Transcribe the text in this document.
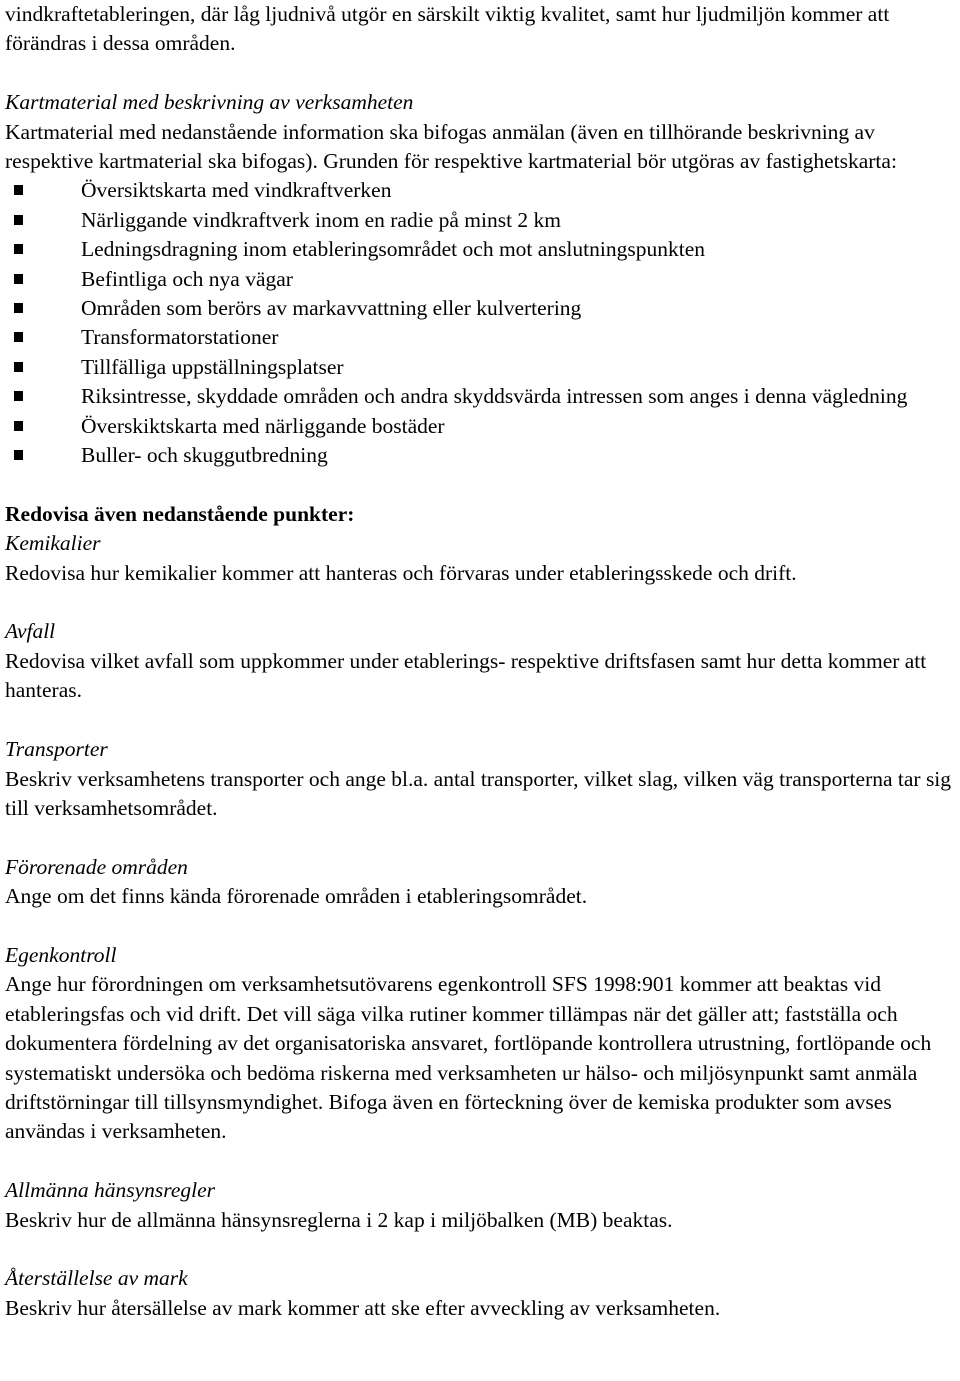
vindkraftetableringen, där låg ljudnivå utgör en särskilt viktig kvalitet, samt hur ljudmiljön kommer att förändras i dessa områden.

Kartmaterial med beskrivning av verksamheten

Kartmaterial med nedanstående information ska bifogas anmälan (även en tillhörande beskrivning av respektive kartmaterial ska bifogas). Grunden för respektive kartmaterial bör utgöras av fastighetskarta:

Översiktskarta med vindkraftverken
Närliggande vindkraftverk inom en radie på minst 2 km
Ledningsdragning inom etableringsområdet och mot anslutningspunkten
Befintliga och nya vägar
Områden som berörs av markavvattning eller kulvertering
Transformatorstationer
Tillfälliga uppställningsplatser
Riksintresse, skyddade områden och andra skyddsvärda intressen som anges i denna vägledning
Överskiktskarta med närliggande bostäder
Buller- och skuggutbredning

Redovisa även nedanstående punkter:

Kemikalier

Redovisa hur kemikalier kommer att hanteras och förvaras under etableringsskede och drift.

Avfall

Redovisa vilket avfall som uppkommer under etablerings- respektive driftsfasen samt hur detta kommer att hanteras.

Transporter

Beskriv verksamhetens transporter och ange bl.a. antal transporter, vilket slag, vilken väg transporterna tar sig till verksamhetsområdet.

Förorenade områden

Ange om det finns kända förorenade områden i etableringsområdet.

Egenkontroll

Ange hur förordningen om verksamhetsutövarens egenkontroll SFS 1998:901 kommer att beaktas vid etableringsfas och vid drift. Det vill säga vilka rutiner kommer tillämpas när det gäller att; fastställa och dokumentera fördelning av det organisatoriska ansvaret, fortlöpande kontrollera utrustning, fortlöpande och systematiskt undersöka och bedöma riskerna med verksamheten ur hälso- och miljösynpunkt samt anmäla driftstörningar till tillsynsmyndighet. Bifoga även en förteckning över de kemiska produkter som avses användas i verksamheten.

Allmänna hänsynsregler

Beskriv hur de allmänna hänsynsreglerna i 2 kap i miljöbalken (MB) beaktas.

Återställelse av mark

Beskriv hur återsällelse av mark kommer att ske efter avveckling av verksamheten.
